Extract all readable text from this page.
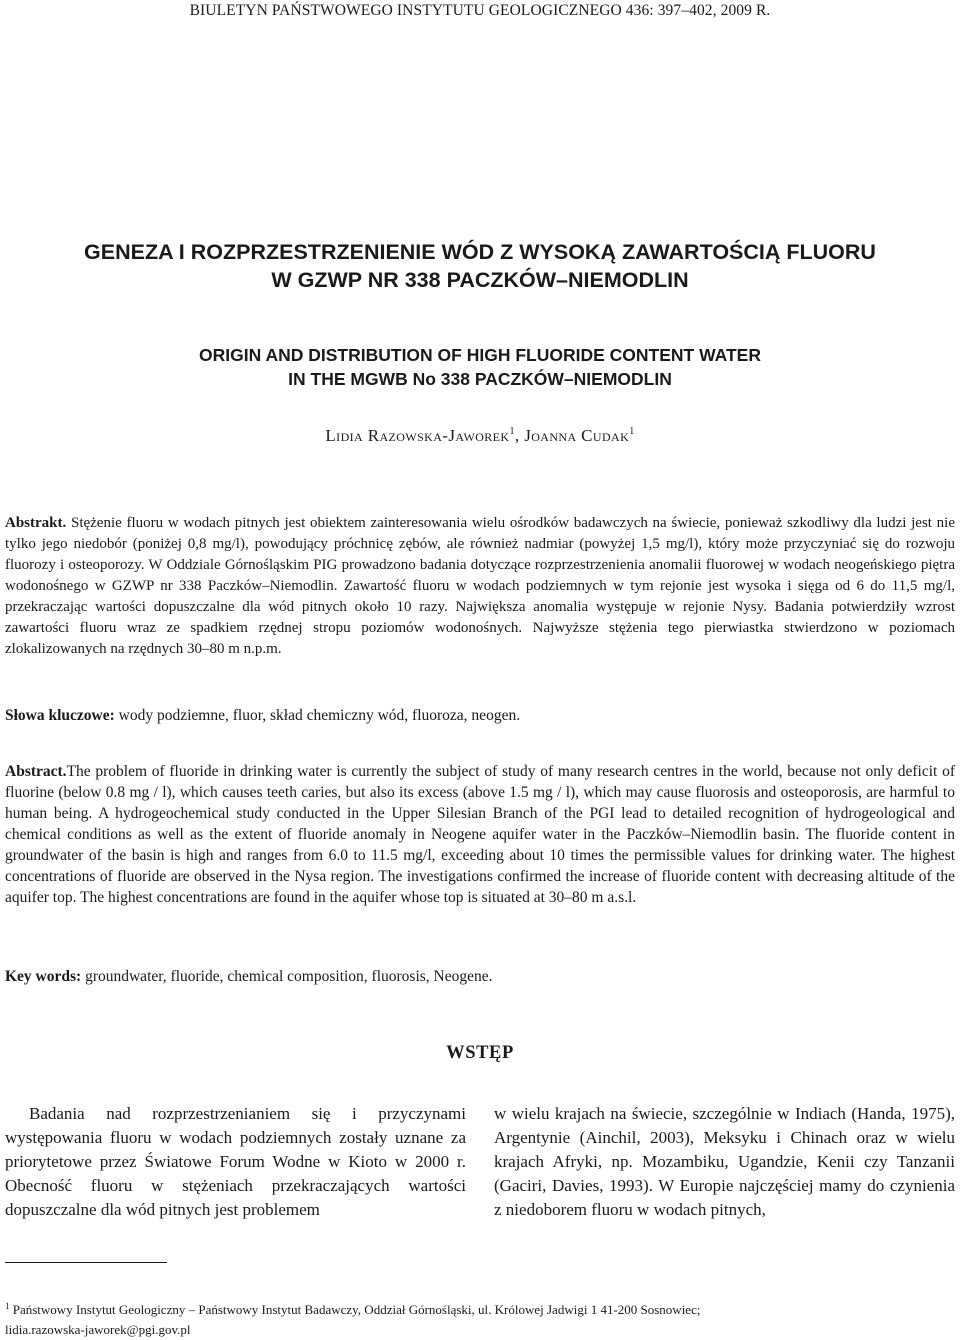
BIULETYN PAŃSTWOWEGO INSTYTUTU GEOLOGICZNEGO 436: 397–402, 2009 R.
GENEZA I ROZPRZESTRZENIENIE WÓD Z WYSOKĄ ZAWARTOŚCIĄ FLUORU
W GZWP NR 338 PACZKÓW–NIEMODLIN
ORIGIN AND DISTRIBUTION OF HIGH FLUORIDE CONTENT WATER
IN THE MGWB No 338 PACZKÓW–NIEMODLIN
Lidia Razowska-Jaworek$^1$, Joanna Cudak$^1$
Abstrakt. Stężenie fluoru w wodach pitnych jest obiektem zainteresowania wielu ośrodków badawczych na świecie, ponieważ szkodliwy dla ludzi jest nie tylko jego niedobór (poniżej 0,8 mg/l), powodujący próchnicę zębów, ale również nadmiar (powyżej 1,5 mg/l), który może przyczyniać się do rozwoju fluorozy i osteoporozy. W Oddziale Górnośląskim PIG prowadzono badania dotyczące rozprzestrzenienia anomalii fluorowej w wodach neogeńskiego piętra wodonośnego w GZWP nr 338 Paczków–Niemodlin. Zawartość fluoru w wodach podziemnych w tym rejonie jest wysoka i sięga od 6 do 11,5 mg/l, przekraczając wartości dopuszczalne dla wód pitnych około 10 razy. Największa anomalia występuje w rejonie Nysy. Badania potwierdziły wzrost zawartości fluoru wraz ze spadkiem rzędnej stropu poziomów wodonośnych. Najwyższe stężenia tego pierwiastka stwierdzono w poziomach zlokalizowanych na rzędnych 30–80 m n.p.m.
Słowa kluczowe: wody podziemne, fluor, skład chemiczny wód, fluoroza, neogen.
Abstract.The problem of fluoride in drinking water is currently the subject of study of many research centres in the world, because not only deficit of fluorine (below 0.8 mg / l), which causes teeth caries, but also its excess (above 1.5 mg / l), which may cause fluorosis and osteoporosis, are harmful to human being. A hydrogeochemical study conducted in the Upper Silesian Branch of the PGI lead to detailed recognition of hydrogeological and chemical conditions as well as the extent of fluoride anomaly in Neogene aquifer water in the Paczków–Niemodlin basin. The fluoride content in groundwater of the basin is high and ranges from 6.0 to 11.5 mg/l, exceeding about 10 times the permissible values for drinking water. The highest concentrations of fluoride are observed in the Nysa region. The investigations confirmed the increase of fluoride content with decreasing altitude of the aquifer top. The highest concentrations are found in the aquifer whose top is situated at 30–80 m a.s.l.
Key words: groundwater, fluoride, chemical composition, fluorosis, Neogene.
WSTĘP
Badania nad rozprzestrzenianiem się i przyczynami występowania fluoru w wodach podziemnych zostały uznane za priorytetowe przez Światowe Forum Wodne w Kioto w 2000 r. Obecność fluoru w stężeniach przekraczających wartości dopuszczalne dla wód pitnych jest problemem
w wielu krajach na świecie, szczególnie w Indiach (Handa, 1975), Argentynie (Ainchil, 2003), Meksyku i Chinach oraz w wielu krajach Afryki, np. Mozambiku, Ugandzie, Kenii czy Tanzanii (Gaciri, Davies, 1993). W Europie najczęściej mamy do czynienia z niedoborem fluoru w wodach pitnych,
$^1$ Państwowy Instytut Geologiczny – Państwowy Instytut Badawczy, Oddział Górnośląski, ul. Królowej Jadwigi 1 41-200 Sosnowiec;
lidia.razowska-jaworek@pgi.gov.pl
